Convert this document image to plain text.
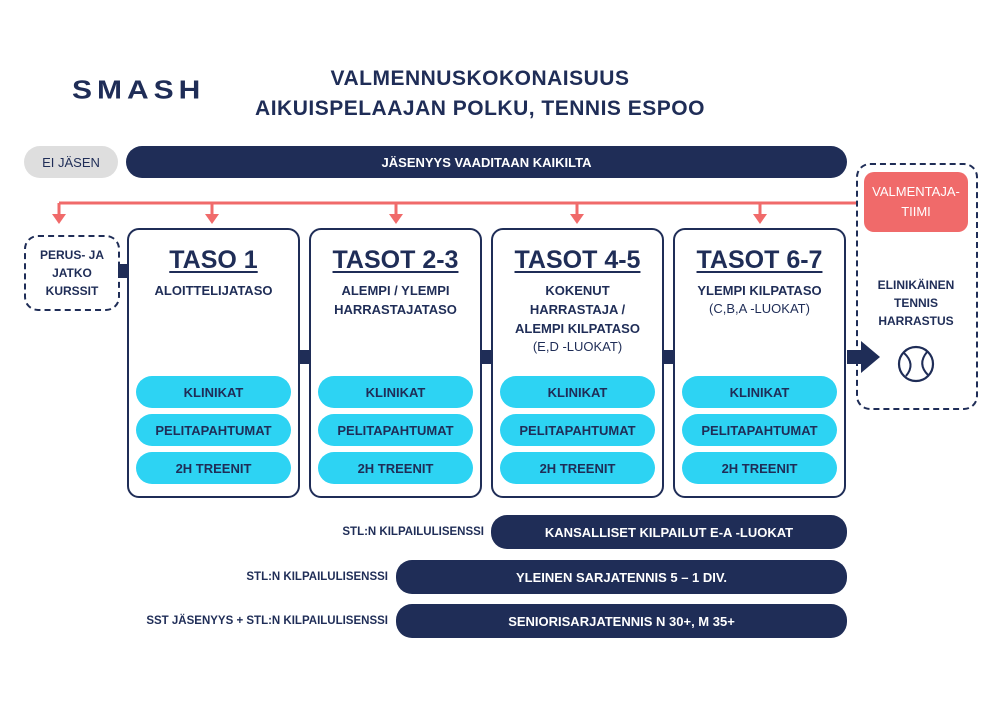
SMASH	VALMENNUSKOKONAISUUS
AIKUISPELAAJAN POLKU, TENNIS ESPOO
EI JÄSEN	JÄSENYYS VAADITAAN KAIKILTA
VALMENTAJA-
TIIMI
ELINIKÄINEN
TENNIS
HARRASTUS
PERUS- JA
JATKO
KURSSIT
TASO 1
ALOITTELIJATASO
TASOT 2-3
ALEMPI / YLEMPI
HARRASTAJATASO
TASOT 4-5
KOKENUT
HARRASTAJA /
ALEMPI KILPATASO
(E,D -LUOKAT)
TASOT 6-7
YLEMPI KILPATASO
(C,B,A -LUOKAT)
KLINIKAT
PELITAPAHTUMAT
2H TREENIT
KLINIKAT
PELITAPAHTUMAT
2H TREENIT
KLINIKAT
PELITAPAHTUMAT
2H TREENIT
KLINIKAT
PELITAPAHTUMAT
2H TREENIT
STL:N KILPAILULISENSSI	KANSALLISET KILPAILUT E-A -LUOKAT
STL:N KILPAILULISENSSI	YLEINEN SARJATENNIS 5 – 1 DIV.
SST JÄSENYYS + STL:N KILPAILULISENSSI	SENIORISARJATENNIS N 30+, M 35+
